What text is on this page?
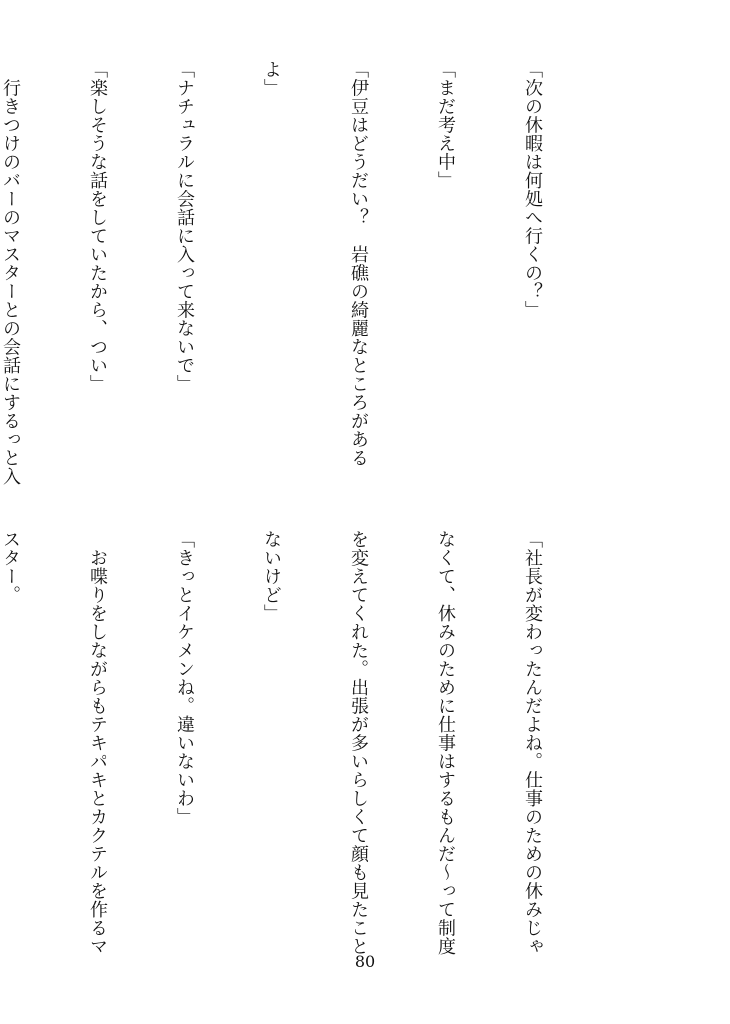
「次の休暇は何処へ行くの？」

「まだ考え中」

「伊豆はどうだい？　岩礁の綺麗なところがある

よ」

「ナチュラルに会話に入って来ないで」

「楽しそうな話をしていたから、つい」

　行きつけのバーのマスターとの会話にするっと入

「社長が変わったんだよね。仕事のための休みじゃ

なくて、休みのために仕事はするもんだ～って制度

を変えてくれた。出張が多いらしくて顔も見たこと

ないけど」

「きっとイケメンね。違いないわ」

　お喋りをしながらもテキパキとカクテルを作るマ

スター。

80
